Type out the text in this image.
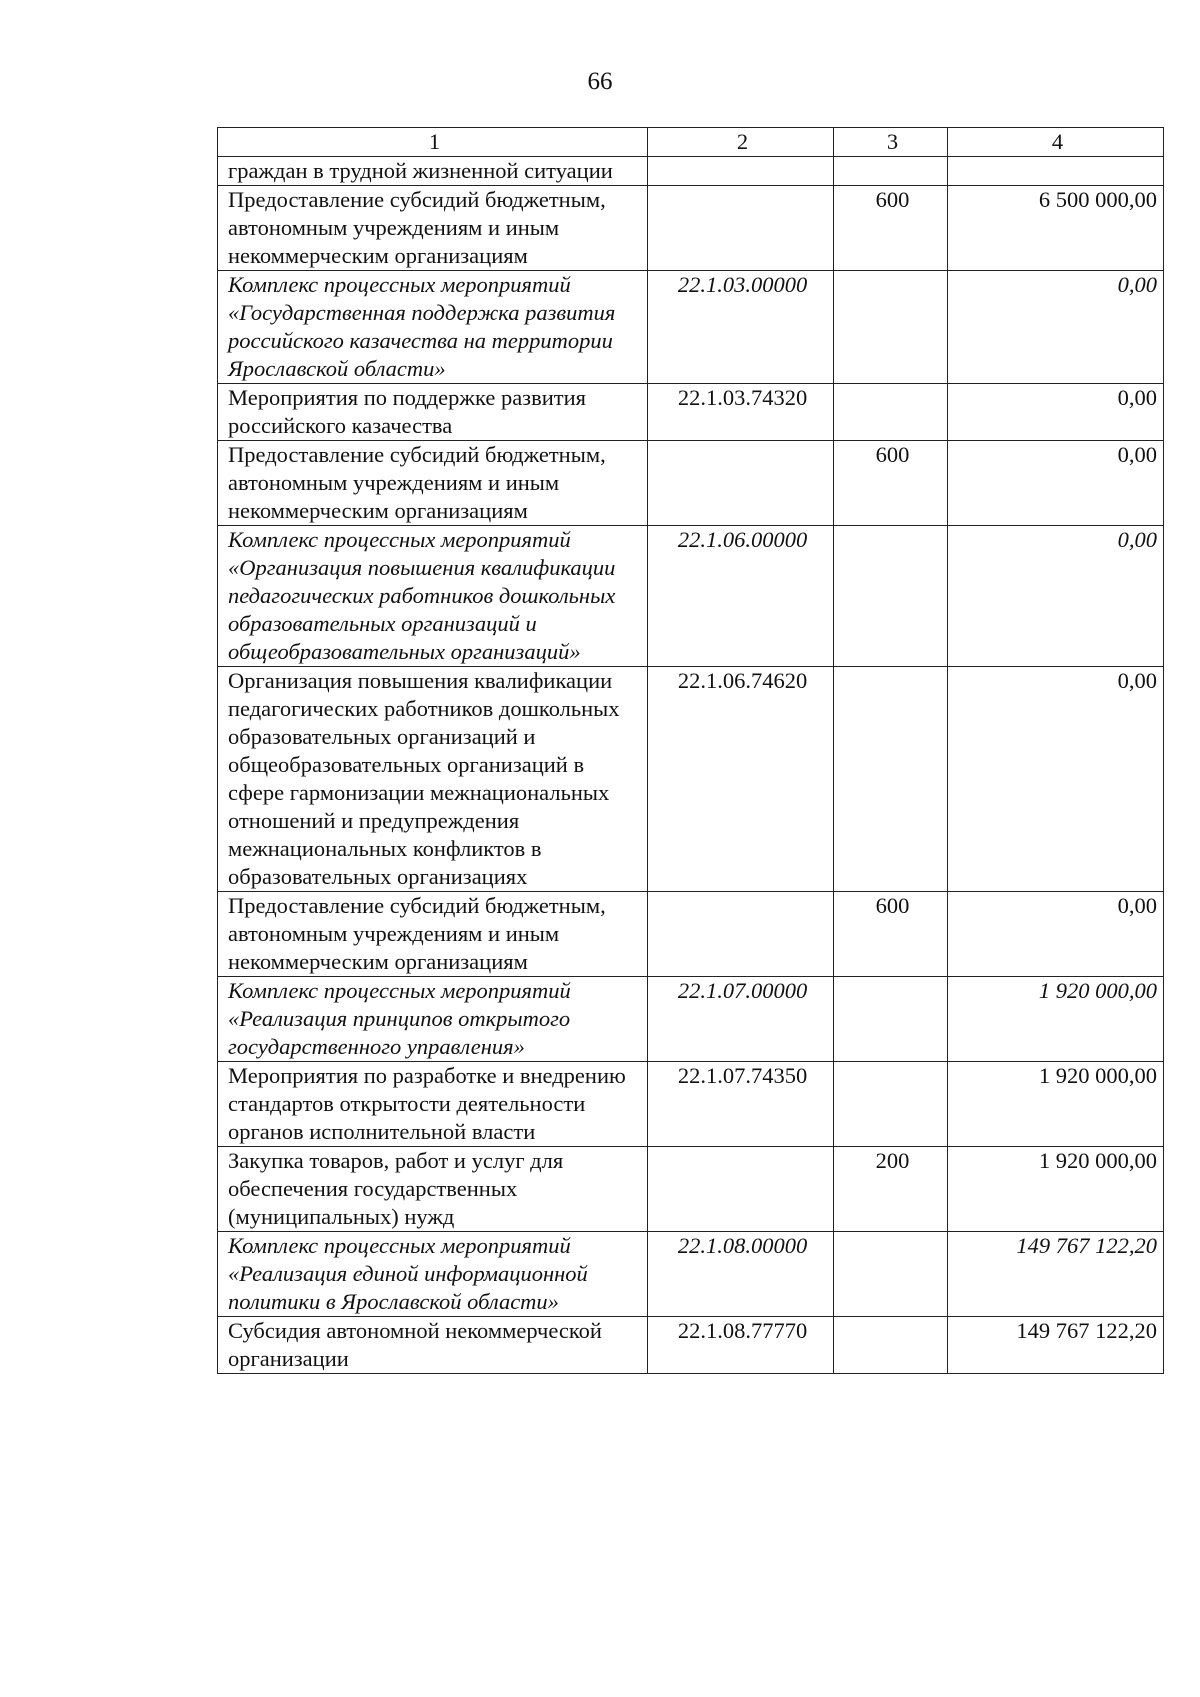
66
1	2	3	4
граждан в трудной жизненной ситуации			
Предоставление субсидий бюджетным, автономным учреждениям и иным некоммерческим организациям		600	6 500 000,00
Комплекс процессных мероприятий «Государственная поддержка развития российского казачества на территории Ярославской области»	22.1.03.00000		0,00
Мероприятия по поддержке развития российского казачества	22.1.03.74320		0,00
Предоставление субсидий бюджетным, автономным учреждениям и иным некоммерческим организациям		600	0,00
Комплекс процессных мероприятий «Организация повышения квалификации педагогических работников дошкольных образовательных организаций и общеобразовательных организаций»	22.1.06.00000		0,00
Организация повышения квалификации педагогических работников дошкольных образовательных организаций и общеобразовательных организаций в сфере гармонизации межнациональных отношений и предупреждения межнациональных конфликтов в образовательных организациях	22.1.06.74620		0,00
Предоставление субсидий бюджетным, автономным учреждениям и иным некоммерческим организациям		600	0,00
Комплекс процессных мероприятий «Реализация принципов открытого государственного управления»	22.1.07.00000		1 920 000,00
Мероприятия по разработке и внедрению стандартов открытости деятельности органов исполнительной власти	22.1.07.74350		1 920 000,00
Закупка товаров, работ и услуг для обеспечения государственных (муниципальных) нужд		200	1 920 000,00
Комплекс процессных мероприятий «Реализация единой информационной политики в Ярославской области»	22.1.08.00000		149 767 122,20
Субсидия автономной некоммерческой организации	22.1.08.77770		149 767 122,20
